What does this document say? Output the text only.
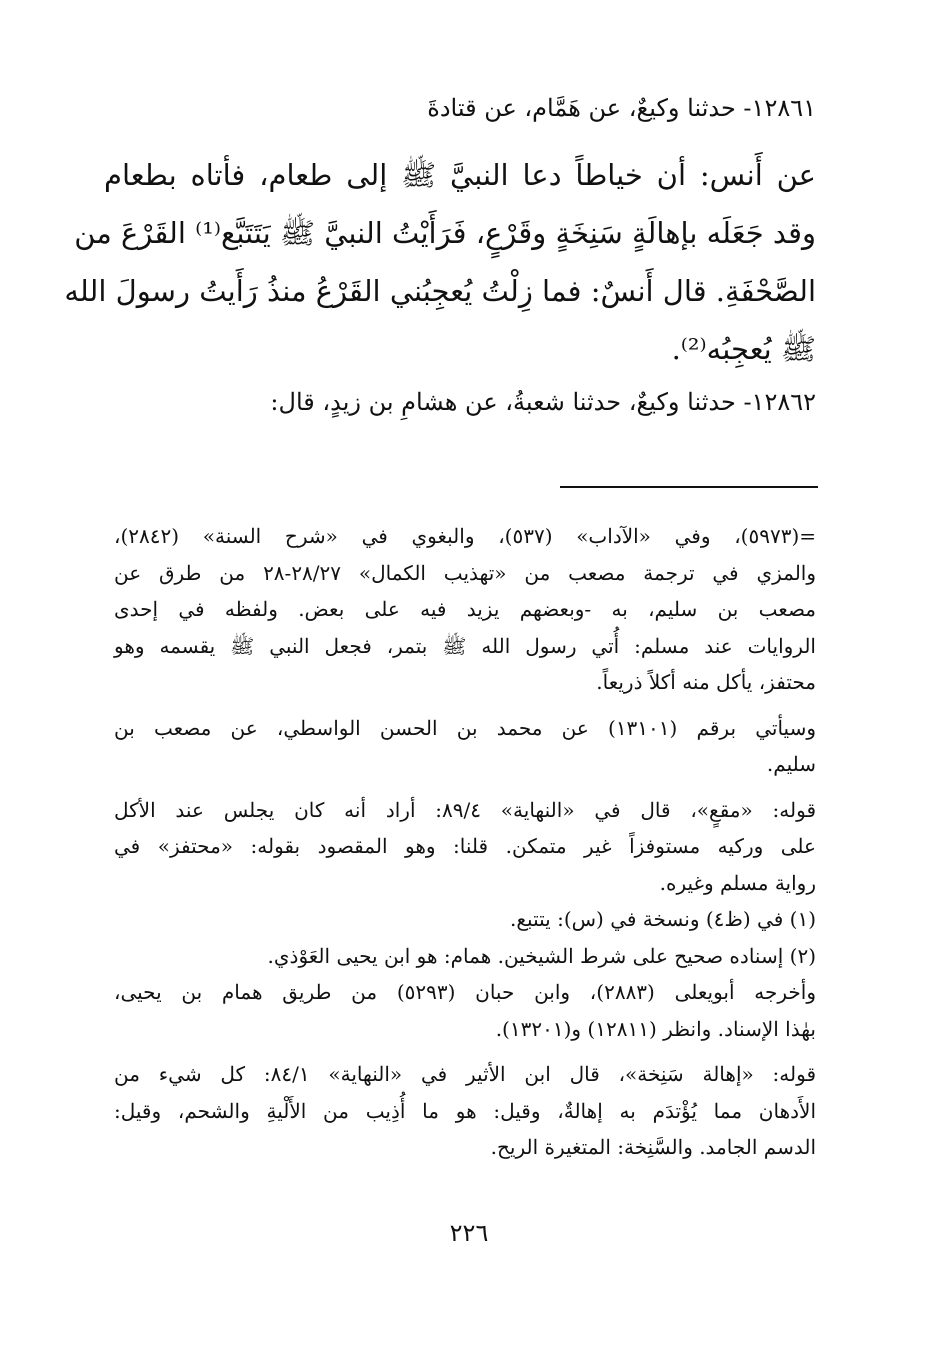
١٢٨٦١- حدثنا وكيعٌ، عن هَمَّام، عن قتادةَ
عن أَنس: أن خياطاً دعا النبيَّ ﷺ إلى طعام، فأتاه بطعام
وقد جَعَلَه بإهالَةٍ سَنِخَةٍ وقَرْعٍ، فَرَأَيْتُ النبيَّ ﷺ يَتَتَبَّع⁽¹⁾ القَرْعَ من
الصَّحْفَةِ. قال أَنسٌ: فما زِلْتُ يُعجِبُني القَرْعُ منذُ رَأَيتُ رسولَ الله
ﷺ يُعجِبُه⁽²⁾.
١٢٨٦٢- حدثنا وكيعٌ، حدثنا شعبةُ، عن هشامِ بن زيدٍ، قال:
=(٥٩٧٣)، وفي «الآداب» (٥٣٧)، والبغوي في «شرح السنة» (٢٨٤٢)،
والمزي في ترجمة مصعب من «تهذيب الكمال» ٢٨/٢٧-٢٨ من طرق عن
مصعب بن سليم، به -وبعضهم يزيد فيه على بعض. ولفظه في إحدى
الروايات عند مسلم: أُتي رسول الله ﷺ بتمر، فجعل النبي ﷺ يقسمه وهو
محتفز، يأكل منه أكلاً ذريعاً.
وسيأتي برقم (١٣١٠١) عن محمد بن الحسن الواسطي، عن مصعب بن
سليم.
قوله: «مقعٍ»، قال في «النهاية» ٨٩/٤: أراد أنه كان يجلس عند الأكل
على وركيه مستوفزاً غير متمكن. قلنا: وهو المقصود بقوله: «محتفز» في
رواية مسلم وغيره.
(١) في (ظ٤) ونسخة في (س): يتتبع.
(٢) إسناده صحيح على شرط الشيخين. همام: هو ابن يحيى العَوْذي.
وأخرجه أبويعلى (٢٨٨٣)، وابن حبان (٥٢٩٣) من طريق همام بن يحيى،
بهٰذا الإسناد. وانظر (١٢٨١١) و(١٣٢٠١).
قوله: «إهالة سَنِخة»، قال ابن الأثير في «النهاية» ٨٤/١: كل شيء من
الأَدهان مما يُؤْتدَم به إهالةٌ، وقيل: هو ما أُذِيب من الأَلْيةِ والشحم، وقيل:
الدسم الجامد. والسَّنِخة: المتغيرة الريح.
٢٢٦
